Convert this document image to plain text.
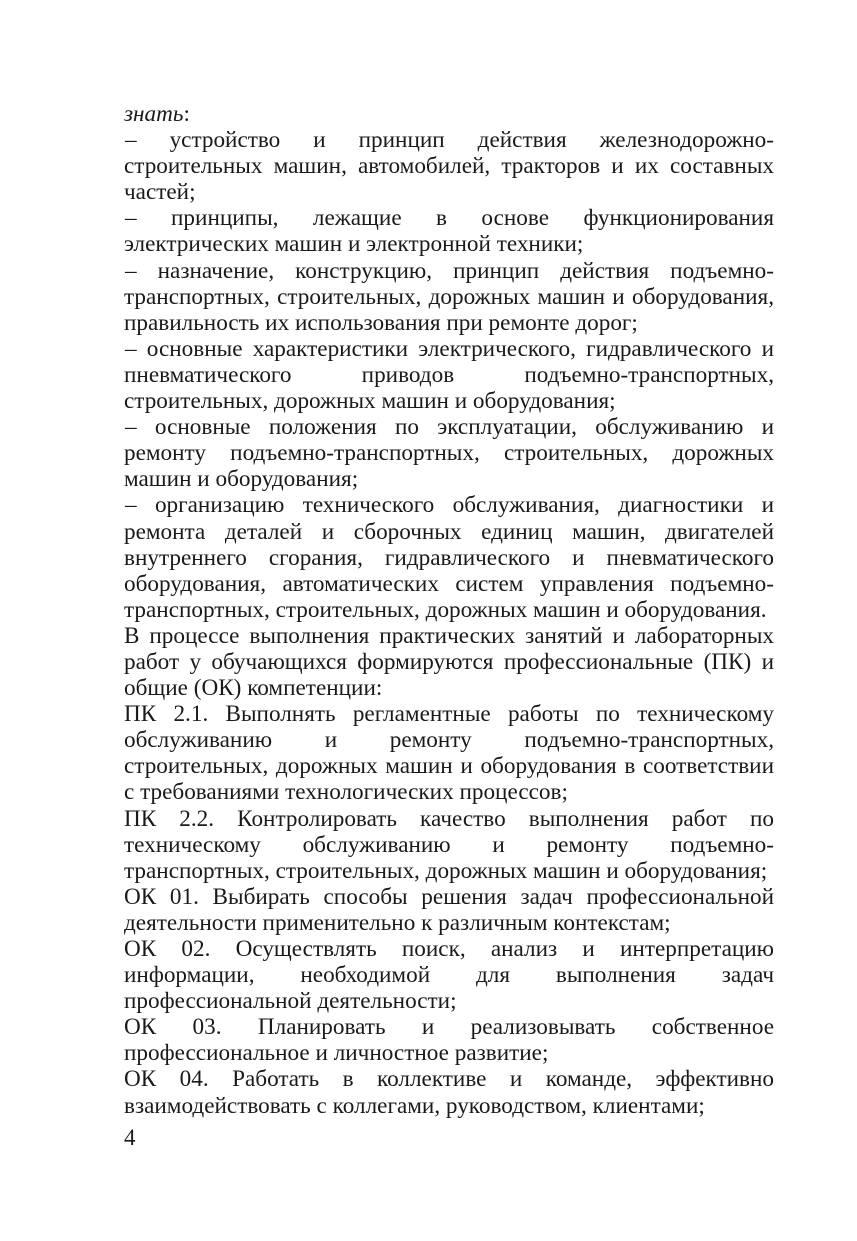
знать:

– устройство и принцип действия железнодорожно-строительных машин, автомобилей, тракторов и их составных частей;

– принципы, лежащие в основе функционирования электрических машин и электронной техники;

– назначение, конструкцию, принцип действия подъемно-транспортных, строительных, дорожных машин и оборудования, правильность их использования при ремонте дорог;

– основные характеристики электрического, гидравлического и пневматического приводов подъемно-транспортных, строительных, дорожных машин и оборудования;

– основные положения по эксплуатации, обслуживанию и ремонту подъемно-транспортных, строительных, дорожных машин и оборудования;

– организацию технического обслуживания, диагностики и ремонта деталей и сборочных единиц машин, двигателей внутреннего сгорания, гидравлического и пневматического оборудования, автоматических систем управления подъемно-транспортных, строительных, дорожных машин и оборудования.

В процессе выполнения практических занятий и лабораторных работ у обучающихся формируются профессиональные (ПК) и общие (ОК) компетенции:

ПК 2.1. Выполнять регламентные работы по техническому обслуживанию и ремонту подъемно-транспортных, строительных, дорожных машин и оборудования в соответствии с требованиями технологических процессов;

ПК 2.2. Контролировать качество выполнения работ по техническому обслуживанию и ремонту подъемно-транспортных, строительных, дорожных машин и оборудования;

ОК 01. Выбирать способы решения задач профессиональной деятельности применительно к различным контекстам;

ОК 02. Осуществлять поиск, анализ и интерпретацию информации, необходимой для выполнения задач профессиональной деятельности;

ОК 03. Планировать и реализовывать собственное профессиональное и личностное развитие;

ОК 04. Работать в коллективе и команде, эффективно взаимодействовать с коллегами, руководством, клиентами;

4
